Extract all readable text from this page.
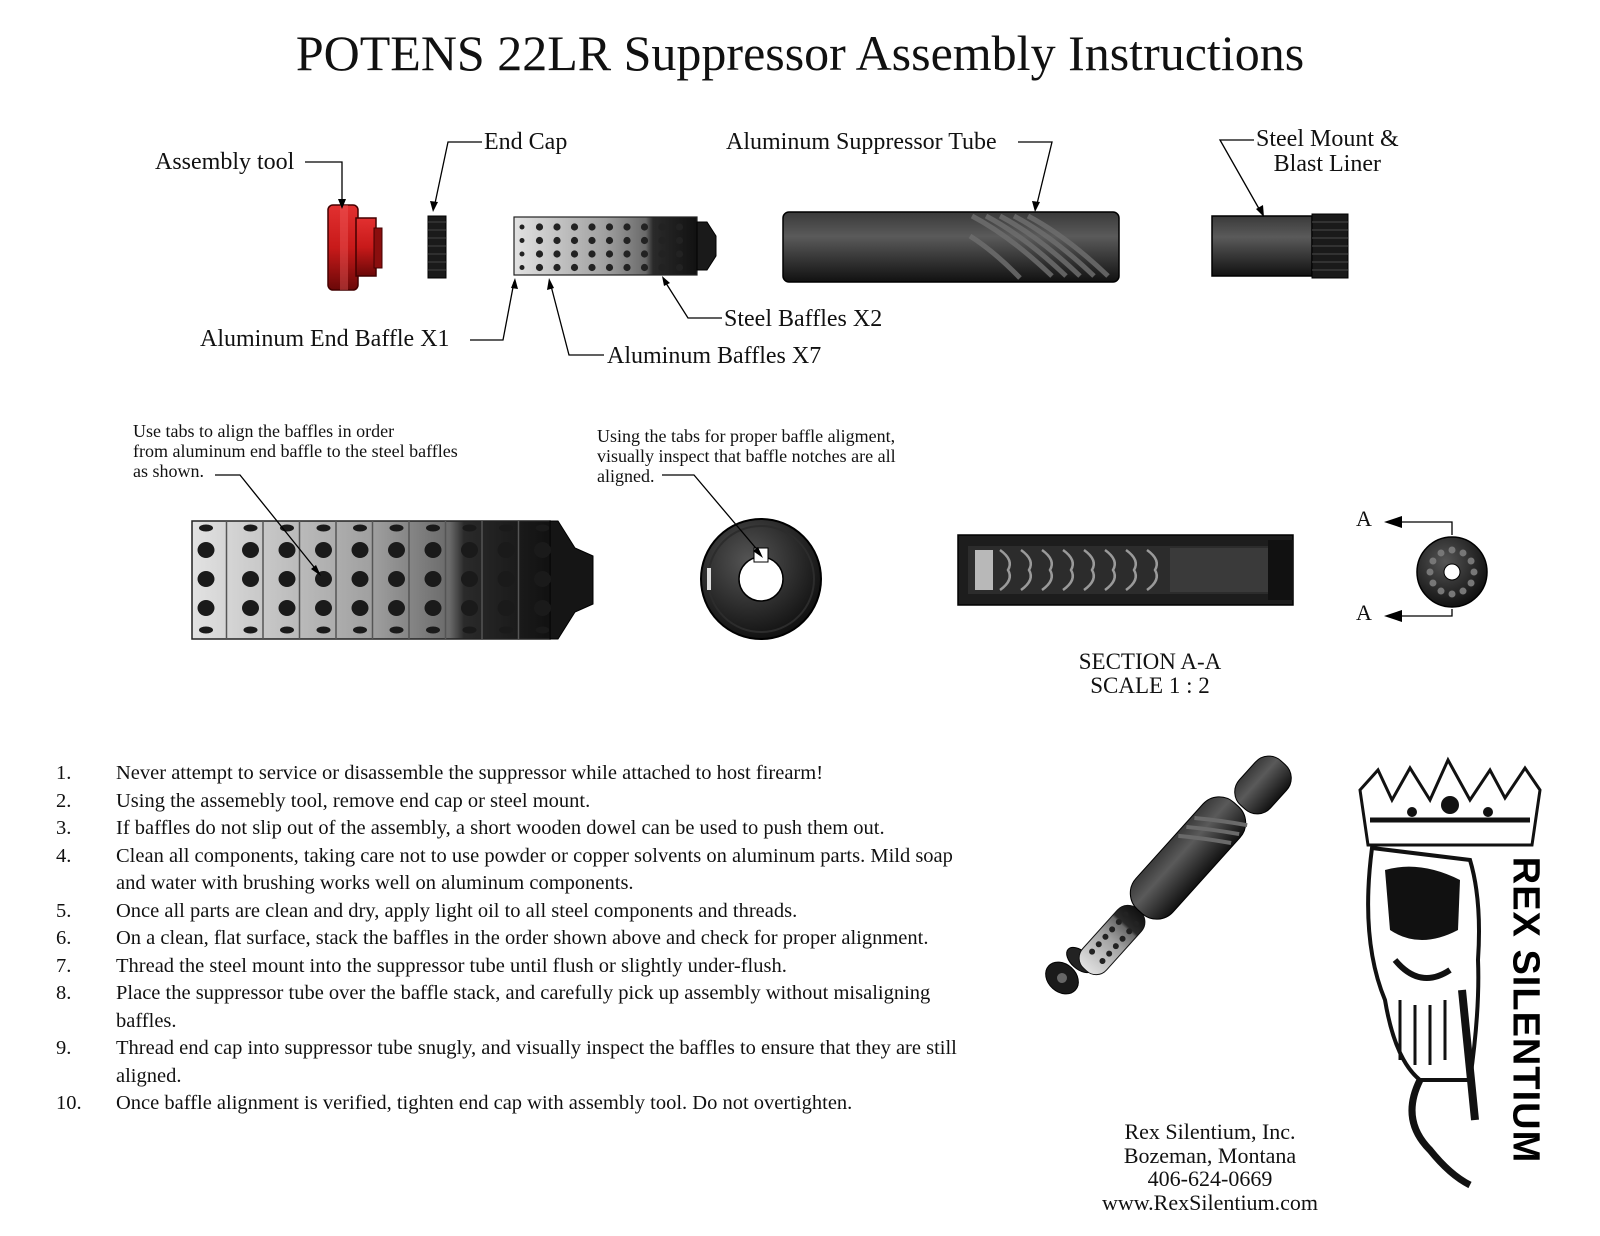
POTENS 22LR Suppressor Assembly Instructions
Assembly tool
End Cap	Aluminum Suppressor Tube	Steel Mount &
Blast Liner
Steel Baffles X2
Aluminum End Baffle X1
Aluminum Baffles X7
Use tabs to align the baffles in order
from aluminum end baffle to the steel baffles
as shown.
Using the tabs for proper baffle aligment,
visually inspect that baffle notches are all
aligned.
A
A
SECTION A-A
SCALE 1 : 2
1. Never attempt to service or disassemble the suppressor while attached to host firearm!
2. Using the assemebly tool, remove end cap or steel mount.
3. If baffles do not slip out of the assembly, a short wooden dowel can be used to push them out.
4. Clean all components, taking care not to use powder or copper solvents on aluminum parts. Mild soap and water with brushing works well on aluminum components.
5. Once all parts are clean and dry, apply light oil to all steel components and threads.
6. On a clean, flat surface, stack the baffles in the order shown above and check for proper alignment.
7. Thread the steel mount into the suppressor tube until flush or slightly under-flush.
8. Place the suppressor tube over the baffle stack, and carefully pick up assembly without misaligning baffles.
9. Thread end cap into suppressor tube snugly, and visually inspect the baffles to ensure that they are still aligned.
10. Once baffle alignment is verified, tighten end cap with assembly tool. Do not overtighten.
Rex Silentium, Inc.
Bozeman, Montana
406-624-0669
www.RexSilentium.com
REX SILENTIUM
